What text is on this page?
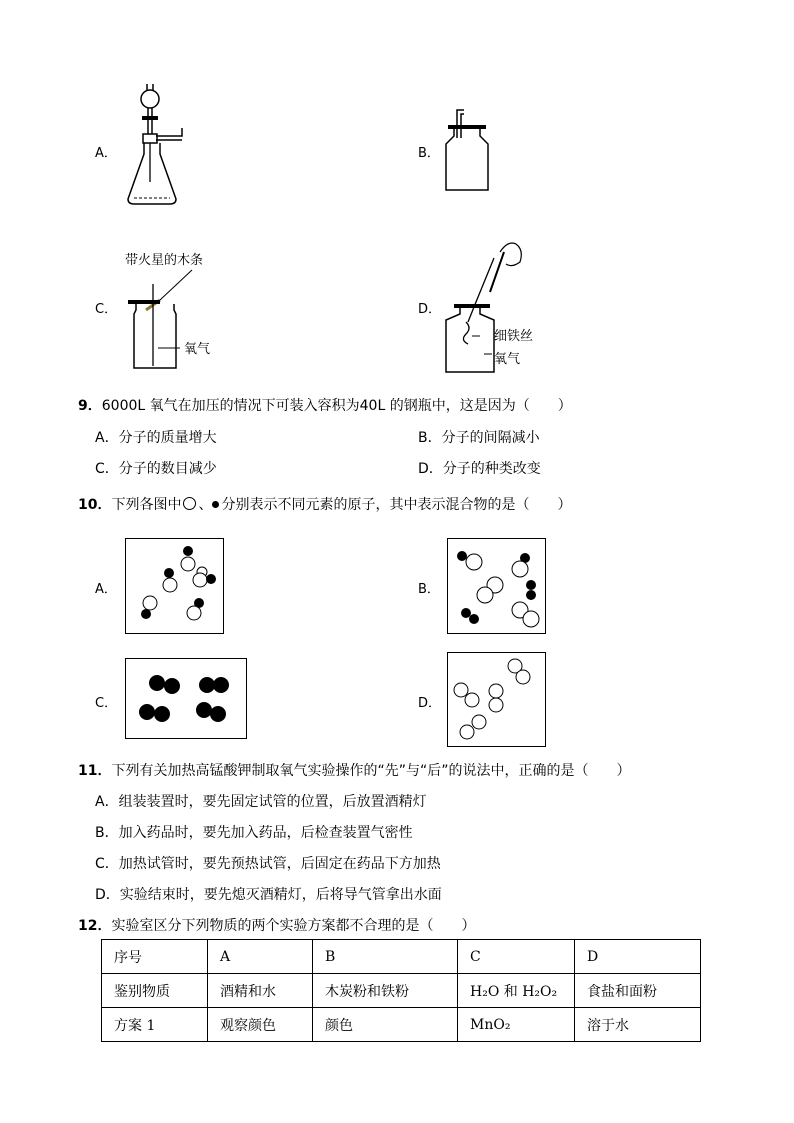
A．	B．
C．
带火星的木条
氧气
D．
细铁丝
氧气
9．6000L 氧气在加压的情况下可装入容积为40L 的钢瓶中，这是因为（　　）
A．分子的质量增大	B．分子的间隔减小
C．分子的数目减少	D．分子的种类改变
10．下列各图中 、 分别表示不同元素的原子，其中表示混合物的是（　　）
A．	B．
C．	D．
11．下列有关加热高锰酸钾制取氧气实验操作的“先”与“后”的说法中，正确的是（　　）
A．组装装置时，要先固定试管的位置，后放置酒精灯
B．加入药品时，要先加入药品，后检查装置气密性
C．加热试管时，要先预热试管，后固定在药品下方加热
D．实验结束时，要先熄灭酒精灯，后将导气管拿出水面
12．实验室区分下列物质的两个实验方案都不合理的是（　　）
序号	A	B	C	D
鉴别物质	酒精和水	木炭粉和铁粉	H₂O 和 H₂O₂	食盐和面粉
方案 1	观察颜色	颜色	MnO₂	溶于水
